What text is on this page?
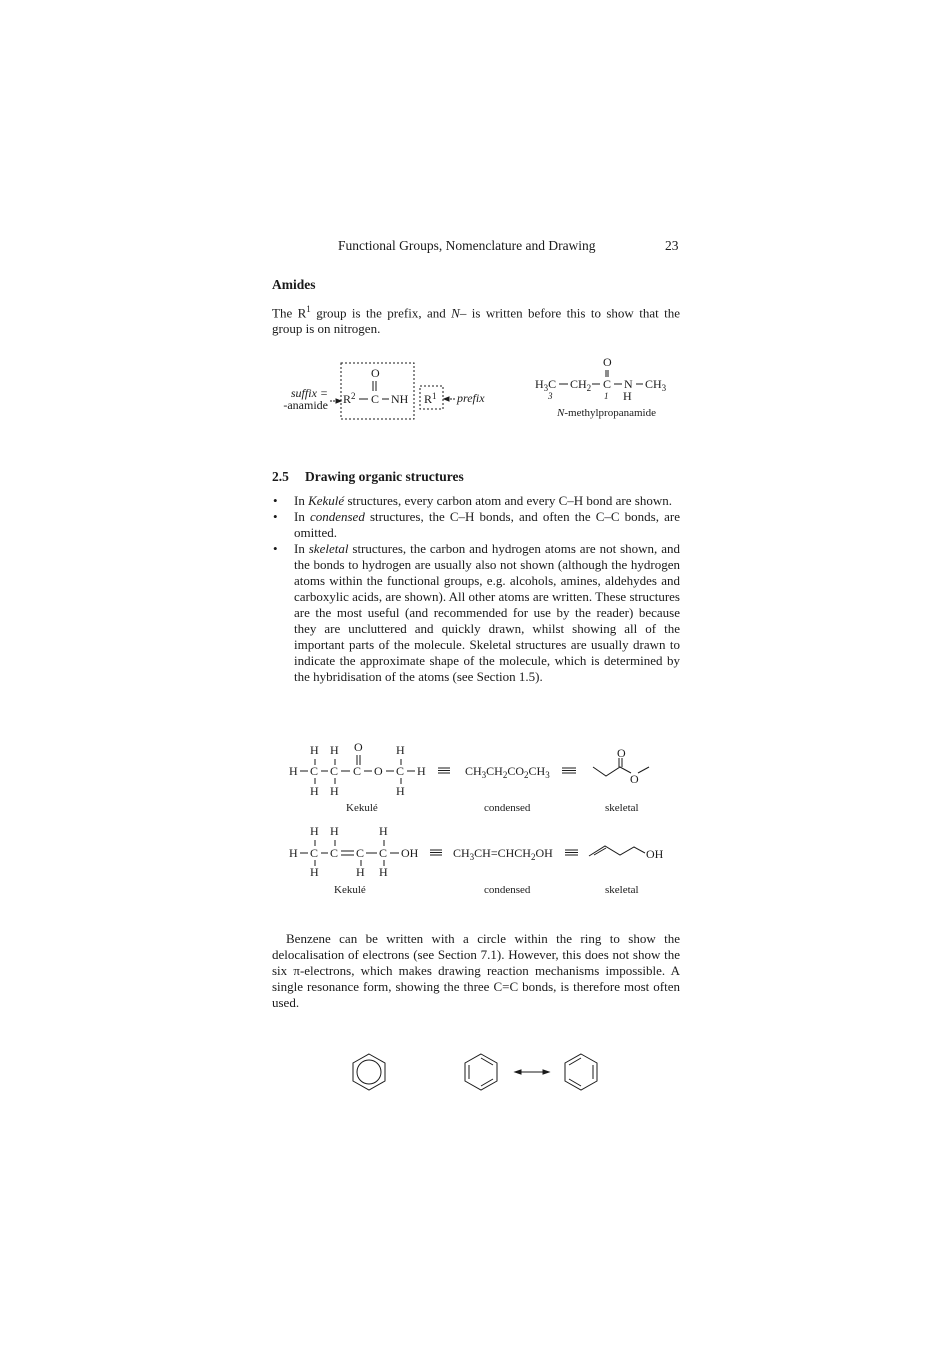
Functional Groups, Nomenclature and Drawing	23
Amides
The $R^1$ group is the prefix, and N– is written before this to show that the group is on nitrogen.
2.5 Drawing organic structures
• In Kekulé structures, every carbon atom and every C–H bond are shown.
• In condensed structures, the C–H bonds, and often the C–C bonds, are omitted.
• In skeletal structures, the carbon and hydrogen atoms are not shown, and the bonds to hydrogen are usually also not shown (although the hydrogen atoms within the functional groups, e.g. alcohols, amines, aldehydes and carboxylic acids, are shown). All other atoms are written. These structures are the most useful (and recommended for use by the reader) because they are uncluttered and quickly drawn, whilst showing all of the important parts of the molecule. Skeletal structures are usually drawn to indicate the approximate shape of the molecule, which is determined by the hybridisation of the atoms (see Section 1.5).
Benzene can be written with a circle within the ring to show the delocalisation of electrons (see Section 7.1). However, this does not show the six π-electrons, which makes drawing reaction mechanisms impossible. A single resonance form, showing the three C=C bonds, is therefore most often used.
O
$R^2$ C NH $R^1$
suffix =
-anamide	prefix
O
$H_3C$ $CH_2$ C N $CH_3$
3	1 H
N-methylpropanamide
H H O	H
H C C C O C H
H H	H
Kekulé
$CH_3CH_2CO_2CH_3$
condensed
O
O
skeletal
H H	H
H C C C C OH
H	H H
Kekulé
$CH_3CH=CHCH_2OH$
condensed
OH
skeletal
